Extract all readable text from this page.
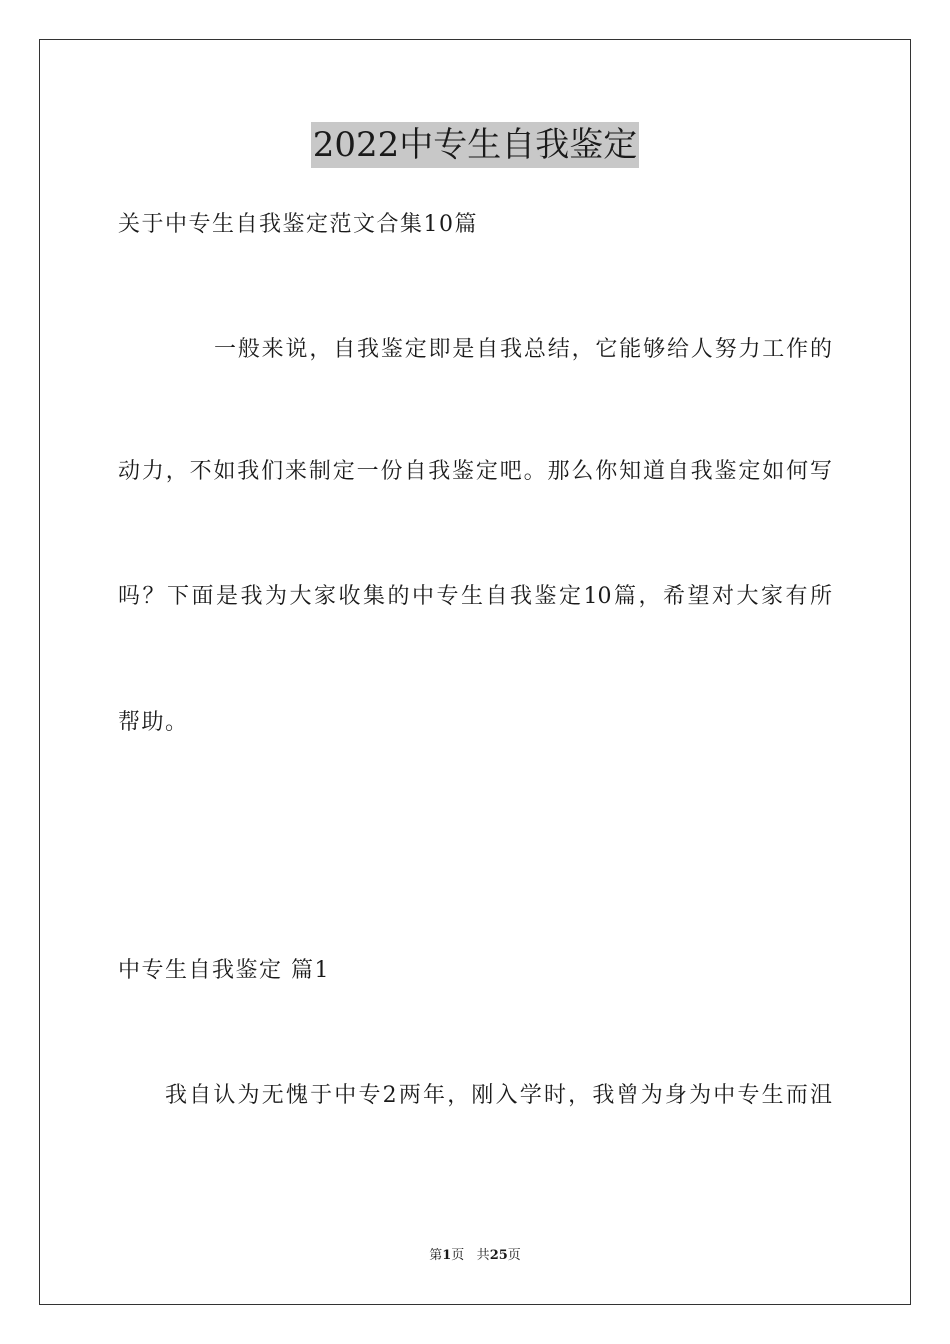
2022中专生自我鉴定
关于中专生自我鉴定范文合集10篇
一般来说，自我鉴定即是自我总结，它能够给人努力工作的
动力，不如我们来制定一份自我鉴定吧。那么你知道自我鉴定如何写
吗？下面是我为大家收集的中专生自我鉴定10篇，希望对大家有所
帮助。
中专生自我鉴定 篇1
我自认为无愧于中专2两年，刚入学时，我曾为身为中专生而沮
第1页 共25页
